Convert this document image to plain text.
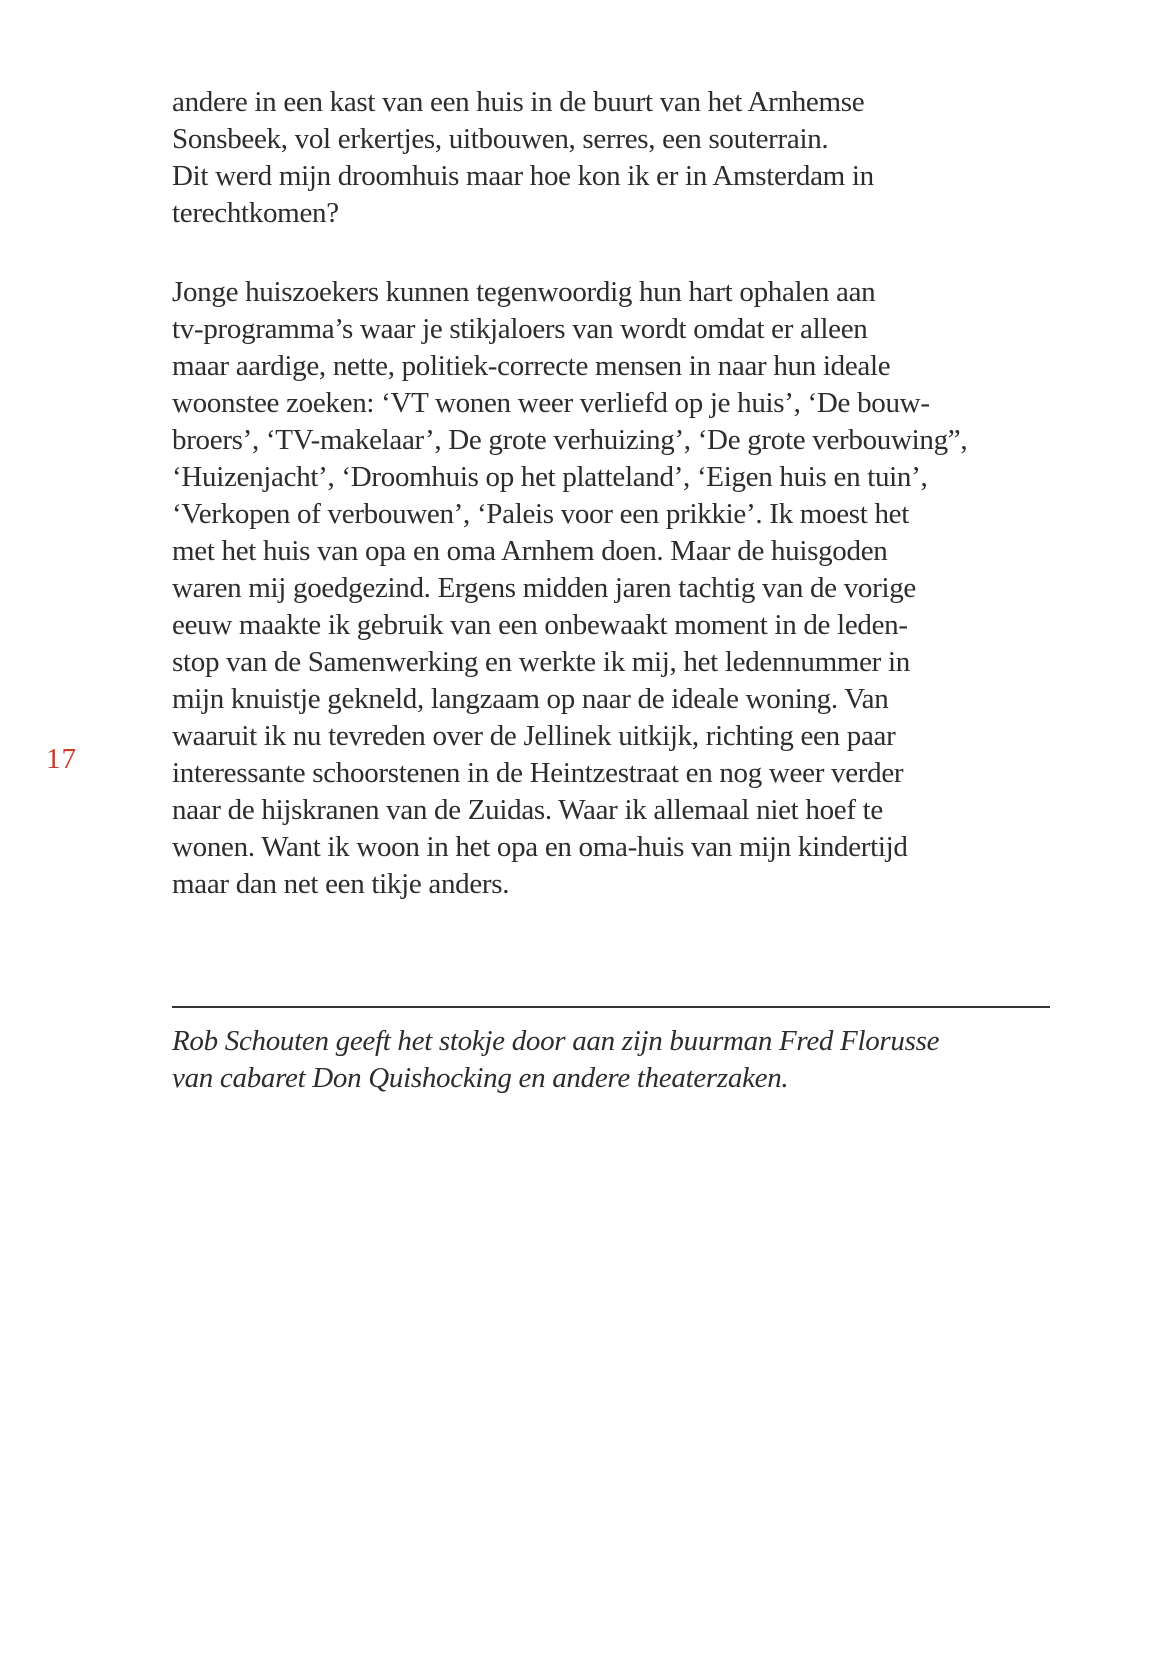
17
andere in een kast van een huis in de buurt van het Arnhemse
Sonsbeek, vol erkertjes, uitbouwen, serres, een souterrain.
Dit werd mijn droomhuis maar hoe kon ik er in Amsterdam in
terechtkomen?
Jonge huiszoekers kunnen tegenwoordig hun hart ophalen aan
tv-programma’s waar je stikjaloers van wordt omdat er alleen
maar aardige, nette, politiek-correcte mensen in naar hun ideale
woonstee zoeken: ‘VT wonen weer verliefd op je huis’, ‘De bouw-
broers’, ‘TV-makelaar’, De grote verhuizing’, ‘De grote verbouwing”,
‘Huizenjacht’, ‘Droomhuis op het platteland’, ‘Eigen huis en tuin’,
‘Verkopen of verbouwen’, ‘Paleis voor een prikkie’. Ik moest het
met het huis van opa en oma Arnhem doen. Maar de huisgoden
waren mij goedgezind. Ergens midden jaren tachtig van de vorige
eeuw maakte ik gebruik van een onbewaakt moment in de leden-
stop van de Samenwerking en werkte ik mij, het ledennummer in
mijn knuistje gekneld, langzaam op naar de ideale woning. Van
waaruit ik nu tevreden over de Jellinek uitkijk, richting een paar
interessante schoorstenen in de Heintzestraat en nog weer verder
naar de hijskranen van de Zuidas. Waar ik allemaal niet hoef te
wonen. Want ik woon in het opa en oma-huis van mijn kindertijd
maar dan net een tikje anders.
Rob Schouten geeft het stokje door aan zijn buurman Fred Florusse
van cabaret Don Quishocking en andere theaterzaken.
